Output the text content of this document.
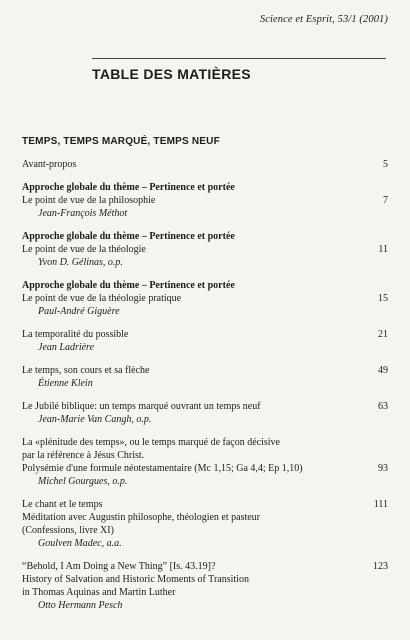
Science et Esprit, 53/1 (2001)
TABLE DES MATIÈRES
TEMPS, TEMPS MARQUÉ, TEMPS NEUF
Avant-propos	5
Approche globale du thème – Pertinence et portée
Le point de vue de la philosophie
Jean-François Méthot
7
Approche globale du thème – Pertinence et portée
Le point de vue de la théologie
Yvon D. Gélinas, o.p.
11
Approche globale du thème – Pertinence et portée
Le point de vue de la théologie pratique
Paul-André Giguère
15
La temporalité du possible
Jean Ladrière
21
Le temps, son cours et sa flèche
Étienne Klein
49
Le Jubilé biblique: un temps marqué ouvrant un temps neuf
Jean-Marie Van Cangh, o.p.
63
La «plénitude des temps», ou le temps marqué de façon décisive
par la référence à Jésus Christ.
Polysémie d'une formule néotestamentaire (Mc 1,15; Ga 4,4; Ep 1,10)
Michel Gourgues, o.p.
93
Le chant et le temps
Méditation avec Augustin philosophe, théologien et pasteur
(Confessions, livre XI)
Goulven Madec, a.a.
111
“Behold, I Am Doing a New Thing” [Is. 43.19]?
History of Salvation and Historic Moments of Transition
in Thomas Aquinas and Martin Luther
Otto Hermann Pesch
123
